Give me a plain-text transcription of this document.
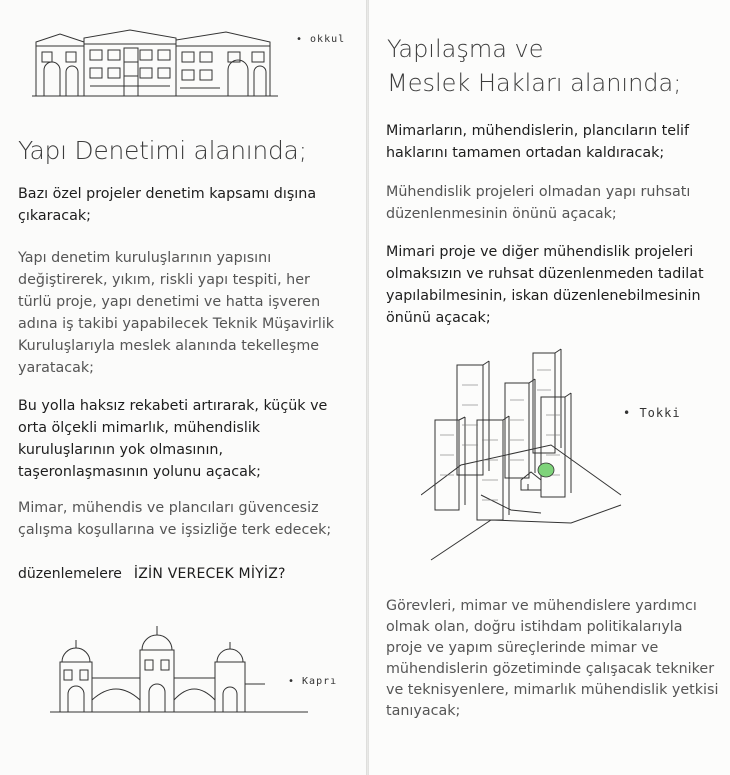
• okkul
Yapı Denetimi alanında;
Bazı özel projeler denetim kapsamı dışına çıkaracak;
Yapı denetim kuruluşlarının yapısını değiştirerek, yıkım, riskli yapı tespiti, her türlü proje, yapı denetimi ve hatta işveren adına iş takibi yapabilecek Teknik Müşavirlik Kuruluşlarıyla meslek alanında tekelleşme yaratacak;
Bu yolla haksız rekabeti artırarak, küçük ve orta ölçekli mimarlık, mühendislik kuruluşlarının yok olmasının, taşeronlaşmasının yolunu açacak;
Mimar, mühendis ve plancıları güvencesiz çalışma koşullarına ve işsizliğe terk edecek;
düzenlemelere İZİN VERECEK MİYİZ?
• Kaprı
Yapılaşma ve
Meslek Hakları alanında;
Mimarların, mühendislerin, plancıların telif haklarını tamamen ortadan kaldıracak;
Mühendislik projeleri olmadan yapı ruhsatı düzenlenmesinin önünü açacak;
Mimari proje ve diğer mühendislik projeleri olmaksızın ve ruhsat düzenlenmeden tadilat yapılabilmesinin, iskan düzenlenebilmesinin önünü açacak;
• Tokki
Görevleri, mimar ve mühendislere yardımcı olmak olan, doğru istihdam politikalarıyla proje ve yapım süreçlerinde mimar ve mühendislerin gözetiminde çalışacak tekniker ve teknisyenlere, mimarlık mühendislik yetkisi tanıyacak;
